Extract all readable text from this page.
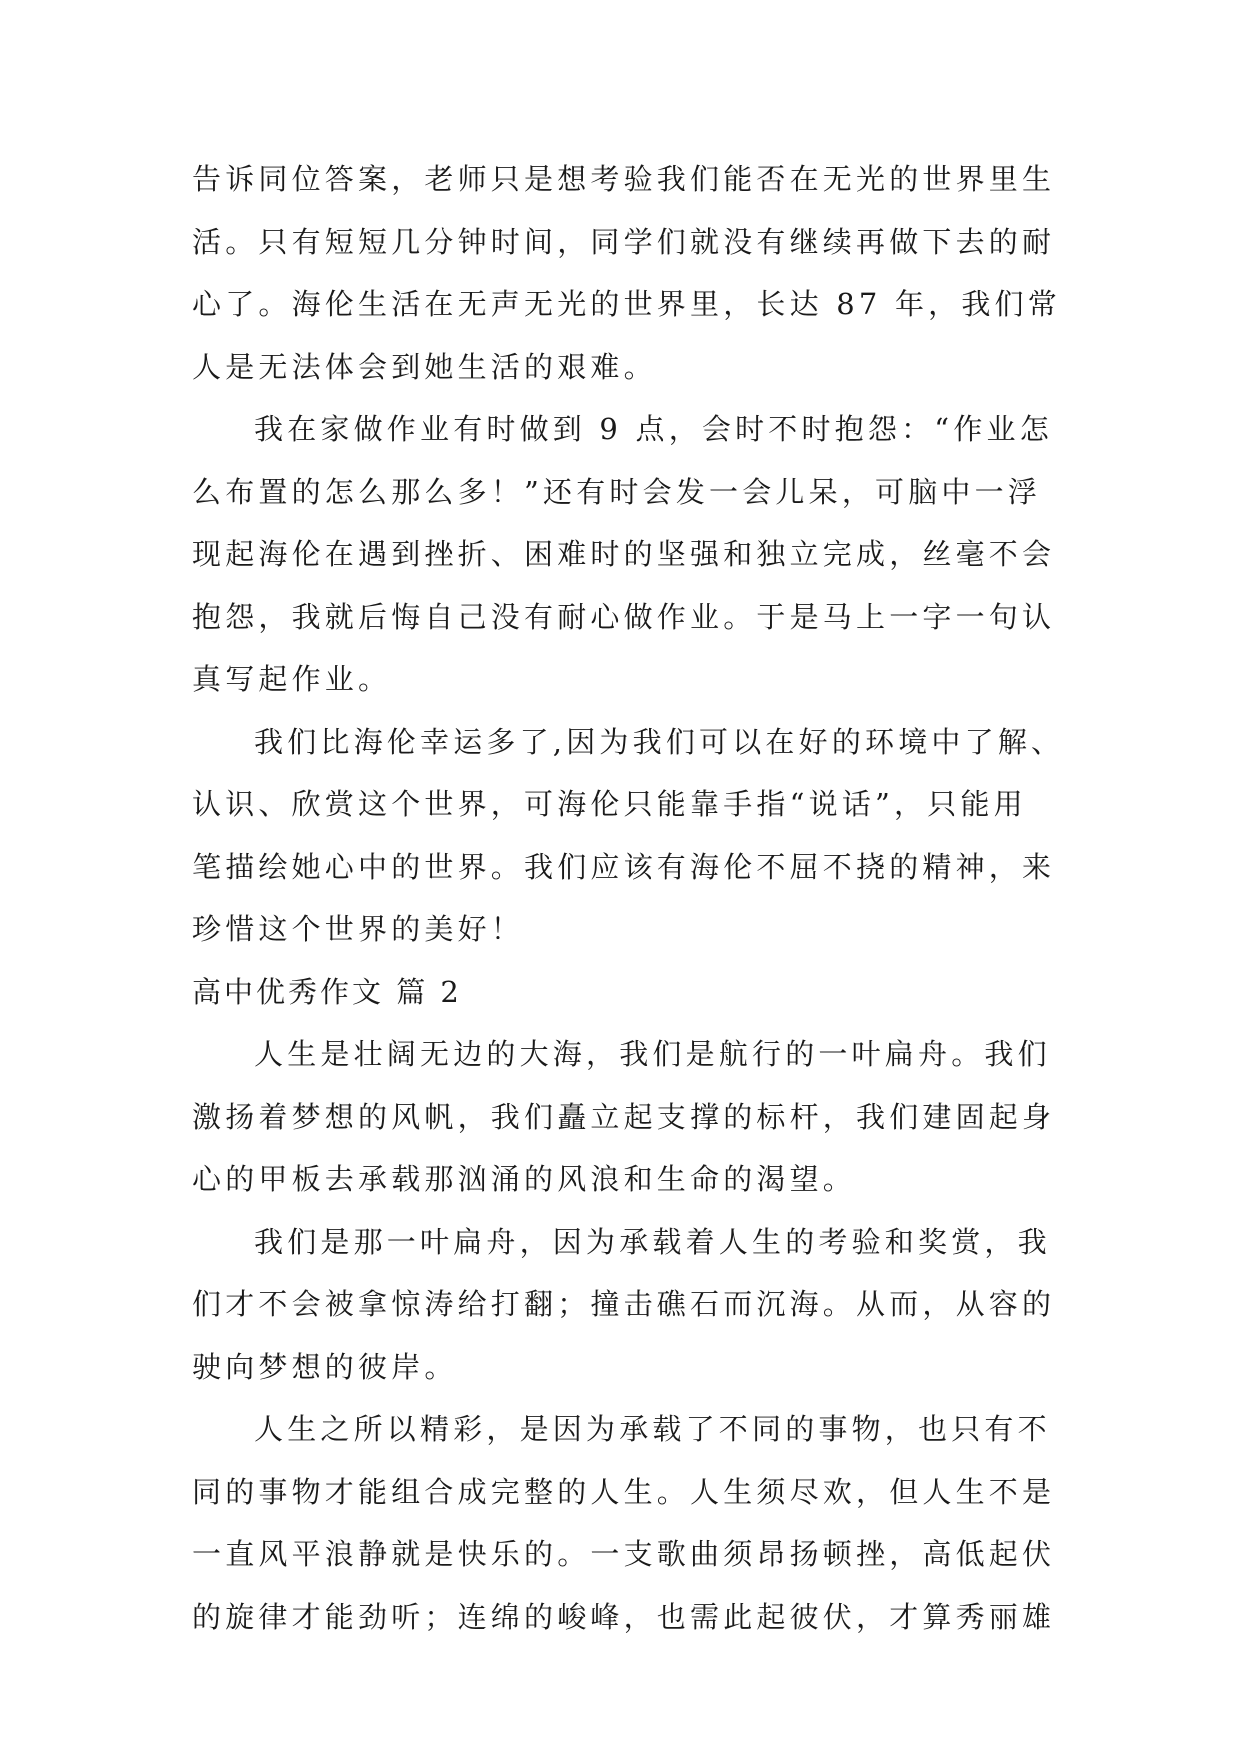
告诉同位答案，老师只是想考验我们能否在无光的世界里生
活。只有短短几分钟时间，同学们就没有继续再做下去的耐
心了。海伦生活在无声无光的世界里，长达 87 年，我们常
人是无法体会到她生活的艰难。
我在家做作业有时做到 9 点，会时不时抱怨：“作业怎
么布置的怎么那么多！”还有时会发一会儿呆，可脑中一浮
现起海伦在遇到挫折、困难时的坚强和独立完成，丝毫不会
抱怨，我就后悔自己没有耐心做作业。于是马上一字一句认
真写起作业。
我们比海伦幸运多了,因为我们可以在好的环境中了解、
认识、欣赏这个世界，可海伦只能靠手指“说话”，只能用
笔描绘她心中的世界。我们应该有海伦不屈不挠的精神，来
珍惜这个世界的美好！
高中优秀作文 篇 2
人生是壮阔无边的大海，我们是航行的一叶扁舟。我们
激扬着梦想的风帆，我们矗立起支撑的标杆，我们建固起身
心的甲板去承载那汹涌的风浪和生命的渴望。
我们是那一叶扁舟，因为承载着人生的考验和奖赏，我
们才不会被拿惊涛给打翻；撞击礁石而沉海。从而，从容的
驶向梦想的彼岸。
人生之所以精彩，是因为承载了不同的事物，也只有不
同的事物才能组合成完整的人生。人生须尽欢，但人生不是
一直风平浪静就是快乐的。一支歌曲须昂扬顿挫，高低起伏
的旋律才能劲听；连绵的峻峰，也需此起彼伏，才算秀丽雄
